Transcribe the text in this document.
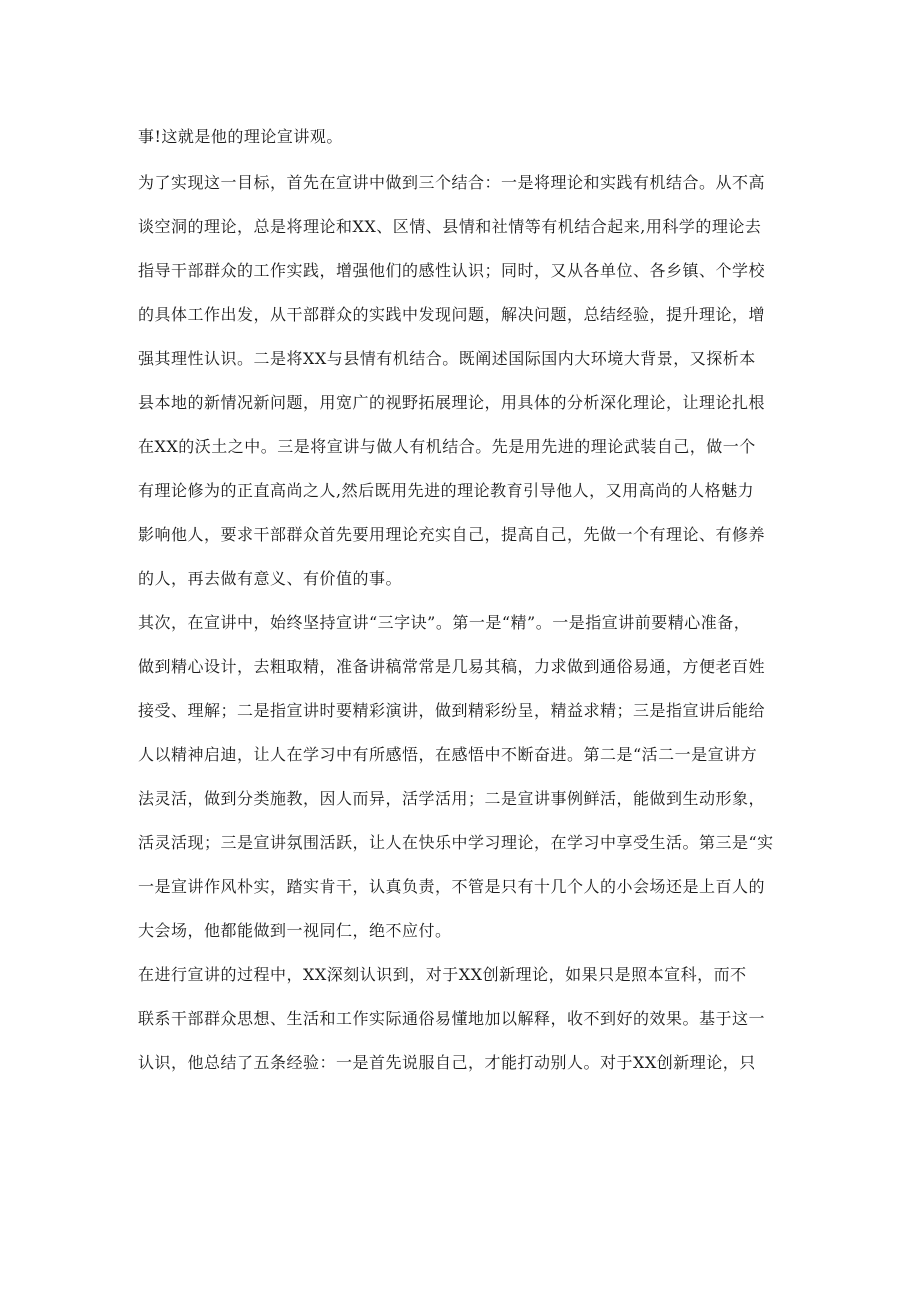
事!这就是他的理论宣讲观。
为了实现这一目标，首先在宣讲中做到三个结合：一是将理论和实践有机结合。从不高
谈空洞的理论，总是将理论和XX、区情、县情和社情等有机结合起来,用科学的理论去
指导干部群众的工作实践，增强他们的感性认识；同时，又从各单位、各乡镇、个学校
的具体工作出发，从干部群众的实践中发现问题，解决问题，总结经验，提升理论，增
强其理性认识。二是将XX与县情有机结合。既阐述国际国内大环境大背景，又探析本
县本地的新情况新问题，用宽广的视野拓展理论，用具体的分析深化理论，让理论扎根
在XX的沃土之中。三是将宣讲与做人有机结合。先是用先进的理论武装自己，做一个
有理论修为的正直高尚之人,然后既用先进的理论教育引导他人，又用高尚的人格魅力
影响他人，要求干部群众首先要用理论充实自己，提高自己，先做一个有理论、有修养
的人，再去做有意义、有价值的事。
其次，在宣讲中，始终坚持宣讲“三字诀”。第一是“精”。一是指宣讲前要精心准备，
做到精心设计，去粗取精，准备讲稿常常是几易其稿，力求做到通俗易通，方便老百姓
接受、理解；二是指宣讲时要精彩演讲，做到精彩纷呈，精益求精；三是指宣讲后能给
人以精神启迪，让人在学习中有所感悟，在感悟中不断奋进。第二是“活二一是宣讲方
法灵活，做到分类施教，因人而异，活学活用；二是宣讲事例鲜活，能做到生动形象，
活灵活现；三是宣讲氛围活跃，让人在快乐中学习理论，在学习中享受生活。第三是“实
一是宣讲作风朴实，踏实肯干，认真负责，不管是只有十几个人的小会场还是上百人的
大会场，他都能做到一视同仁，绝不应付。
在进行宣讲的过程中，XX深刻认识到，对于XX创新理论，如果只是照本宣科，而不
联系干部群众思想、生活和工作实际通俗易懂地加以解释，收不到好的效果。基于这一
认识，他总结了五条经验：一是首先说服自己，才能打动别人。对于XX创新理论，只
